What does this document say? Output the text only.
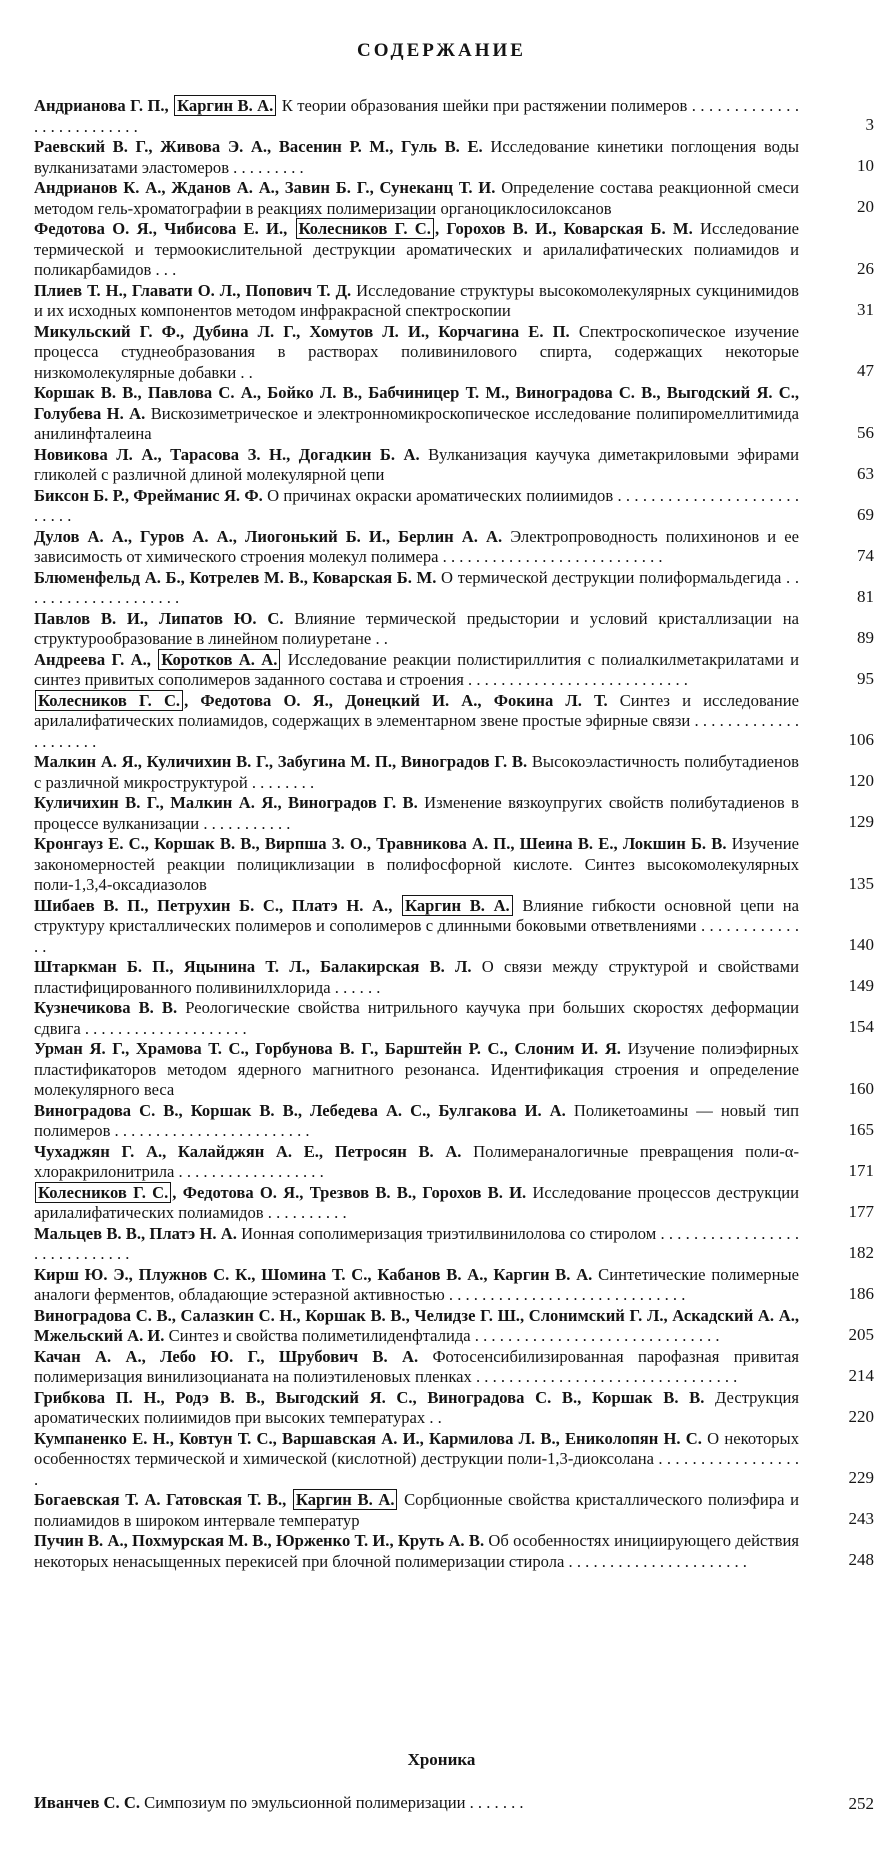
СОДЕРЖАНИЕ
Андрианова Г. П., Каргин В. А. К теории образования шейки при растяжении полимеров . . . . . . . . . . . . . . . . . . . . . . . . . .	3
Раевский В. Г., Живова Э. А., Васенин Р. М., Гуль В. Е. Исследование кинетики поглощения воды вулканизатами эластомеров . . . . . . . . .	10
Андрианов К. А., Жданов А. А., Завин Б. Г., Сунеканц Т. И. Определение состава реакционной смеси методом гель-хроматографии в реакциях полимеризации органоциклосилоксанов	20
Федотова О. Я., Чибисова Е. И., Колесников Г. С. , Горохов В. И., Коварская Б. М. Исследование термической и термоокислительной деструкции ароматических и арилалифатических полиамидов и поликарбамидов . . .	26
Плиев Т. Н., Главати О. Л., Попович Т. Д. Исследование структуры высокомолекулярных сукцинимидов и их исходных компонентов методом инфракрасной спектроскопии	31
Микульский Г. Ф., Дубина Л. Г., Хомутов Л. И., Корчагина Е. П. Спектроскопическое изучение процесса студнеобразования в растворах поливинилового спирта, содержащих некоторые низкомолекулярные добавки . .	47
Коршак В. В., Павлова С. А., Бойко Л. В., Бабчиницер Т. М., Виноградова С. В., Выгодский Я. С., Голубева Н. А. Вискозиметрическое и электронномикроскопическое исследование полипиромеллитимида анилинфталеина	56
Новикова Л. А., Тарасова З. Н., Догадкин Б. А. Вулканизация каучука диметакриловыми эфирами гликолей с различной длиной молекулярной цепи	63
Биксон Б. Р., Фрейманис Я. Ф. О причинах окраски ароматических полиимидов . . . . . . . . . . . . . . . . . . . . . . . . . . .	69
Дулов А. А., Гуров А. А., Лиогонький Б. И., Берлин А. А. Электропроводность полихинонов и ее зависимость от химического строения молекул полимера . . . . . . . . . . . . . . . . . . . . . . . . . . .	74
Блюменфельд А. Б., Котрелев М. В., Коварская Б. М. О термической деструкции полиформальдегида . . . . . . . . . . . . . . . . . . . .	81
Павлов В. И., Липатов Ю. С. Влияние термической предыстории и условий кристаллизации на структурообразование в линейном полиуретане . .	89
Андреева Г. А., Коротков А. А. Исследование реакции полистириллития с полиалкилметакрилатами и синтез привитых сополимеров заданного состава и строения . . . . . . . . . . . . . . . . . . . . . . . . . . .	95
Колесников Г. С. , Федотова О. Я., Донецкий И. А., Фокина Л. Т. Синтез и исследование арилалифатических полиамидов, содержащих в элементарном звене простые эфирные связи . . . . . . . . . . . . . . . . . . . . .	106
Малкин А. Я., Куличихин В. Г., Забугина М. П., Виноградов Г. В. Высокоэластичность полибутадиенов с различной микроструктурой . . . . . . . .	120
Куличихин В. Г., Малкин А. Я., Виноградов Г. В. Изменение вязкоупругих свойств полибутадиенов в процессе вулканизации . . . . . . . . . . .	129
Кронгауз Е. С., Коршак В. В., Вирпша З. О., Травникова А. П., Шеина В. Е., Локшин Б. В. Изучение закономерностей реакции полициклизации в полифосфорной кислоте. Синтез высокомолекулярных поли-1,3,4-оксадиазолов	135
Шибаев В. П., Петрухин Б. С., Платэ Н. А., Каргин В. А. Влияние гибкости основной цепи на структуру кристаллических полимеров и сополимеров с длинными боковыми ответвлениями . . . . . . . . . . . . . .	140
Штаркман Б. П., Яцынина Т. Л., Балакирская В. Л. О связи между структурой и свойствами пластифицированного поливинилхлорида . . . . . .	149
Кузнечикова В. В. Реологические свойства нитрильного каучука при больших скоростях деформации сдвига . . . . . . . . . . . . . . . . . . . .	154
Урман Я. Г., Храмова Т. С., Горбунова В. Г., Барштейн Р. С., Слоним И. Я. Изучение полиэфирных пластификаторов методом ядерного магнитного резонанса. Идентификация строения и определение молекулярного веса	160
Виноградова С. В., Коршак В. В., Лебедева А. С., Булгакова И. А. Поликетоамины — новый тип полимеров . . . . . . . . . . . . . . . . . . . . . . . .	165
Чухаджян Г. А., Калайджян А. Е., Петросян В. А. Полимераналогичные превращения поли-α-хлоракрилонитрила . . . . . . . . . . . . . . . . . .	171
Колесников Г. С. , Федотова О. Я., Трезвов В. В., Горохов В. И. Исследование процессов деструкции арилалифатических полиамидов . . . . . . . . . .	177
Мальцев В. В., Платэ Н. А. Ионная сополимеризация триэтилвинилолова со стиролом . . . . . . . . . . . . . . . . . . . . . . . . . . . . .	182
Кирш Ю. Э., Плужнов С. К., Шомина Т. С., Кабанов В. А., Каргин В. А. Синтетические полимерные аналоги ферментов, обладающие эстеразной активностью . . . . . . . . . . . . . . . . . . . . . . . . . . . . .	186
Виноградова С. В., Салазкин С. Н., Коршак В. В., Челидзе Г. Ш., Слонимский Г. Л., Аскадский А. А., Мжельский А. И. Синтез и свойства полиметилиденфталида . . . . . . . . . . . . . . . . . . . . . . . . . . . . . .	205
Качан А. А., Лебо Ю. Г., Шрубович В. А. Фотосенсибилизированная парофазная привитая полимеризация винилизоцианата на полиэтиленовых пленках . . . . . . . . . . . . . . . . . . . . . . . . . . . . . . . .	214
Грибкова П. Н., Родэ В. В., Выгодский Я. С., Виноградова С. В., Коршак В. В. Деструкция ароматических полиимидов при высоких температурах . .	220
Кумпаненко Е. Н., Ковтун Т. С., Варшавская А. И., Кармилова Л. В., Ениколопян Н. С. О некоторых особенностях термической и химической (кислотной) деструкции поли-1,3-диоксолана . . . . . . . . . . . . . . . . . .	229
Богаевская Т. А. Гатовская Т. В., Каргин В. А. Сорбционные свойства кристаллического полиэфира и полиамидов в широком интервале температур	243
Пучин В. А., Похмурская М. В., Юрженко Т. И., Круть А. В. Об особенностях инициирующего действия некоторых ненасыщенных перекисей при блочной полимеризации стирола . . . . . . . . . . . . . . . . . . . . . .	248
Хроника
Иванчев С. С. Симпозиум по эмульсионной полимеризации . . . . . . .	252
